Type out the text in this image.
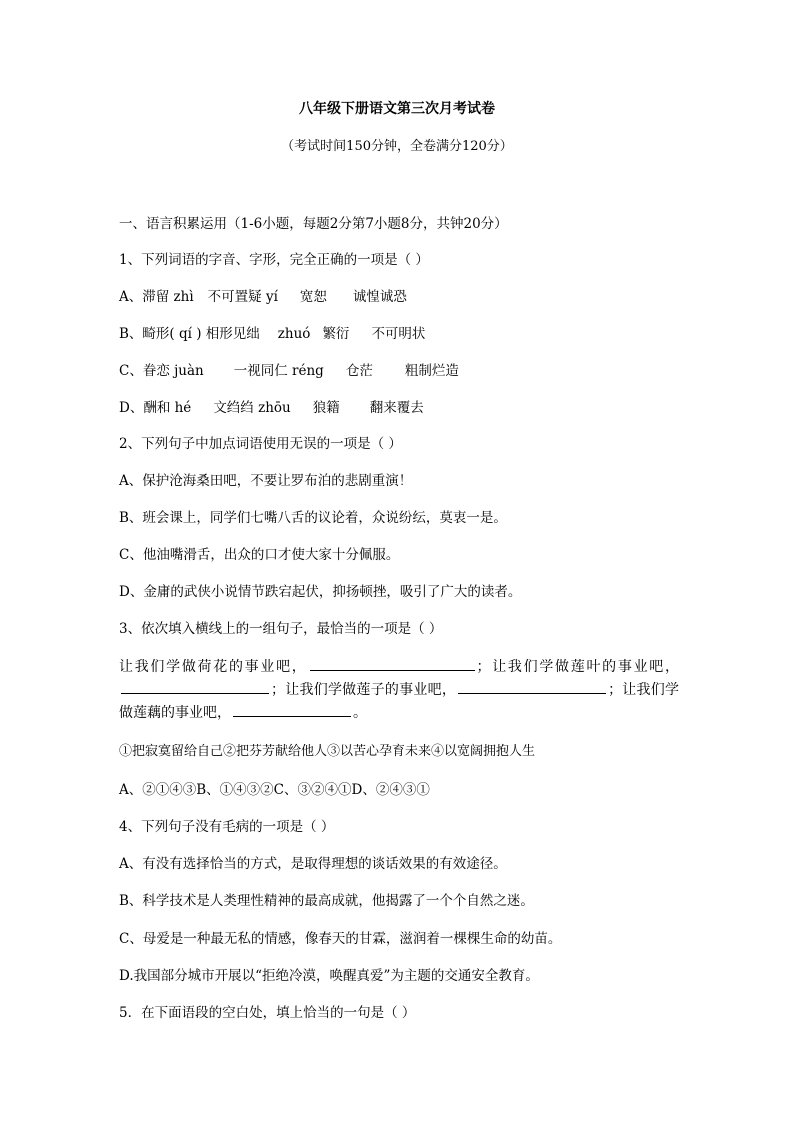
八年级下册语文第三次月考试卷
（考试时间150分钟，全卷满分120分）
一、语言积累运用（1-6小题，每题2分第7小题8分，共钟20分）
1、下列词语的字音、字形，完全正确的一项是（ ）
A、滞留 zhì 不可置疑 yí 宽恕 诚惶诚恐
B、畸形( qí ) 相形见绌 zhuó 繁衍 不可明状
C、眷恋 juàn 一视同仁 réng 仓茫 粗制烂造
D、酬和 hé 文绉绉 zhōu 狼籍 翻来覆去
2、下列句子中加点词语使用无误的一项是（ ）
A、保护沧海桑田吧，不要让罗布泊的悲剧重演！
B、班会课上，同学们七嘴八舌的议论着，众说纷纭，莫衷一是。
C、他油嘴滑舌，出众的口才使大家十分佩服。
D、金庸的武侠小说情节跌宕起伏，抑扬顿挫，吸引了广大的读者。
3、依次填入横线上的一组句子，最恰当的一项是（ ）
让我们学做荷花的事业吧，	；让我们学做莲叶的事业吧，；让我们学做莲子的事业吧，	；让我们学做莲藕的事业吧，	。
①把寂寞留给自己②把芬芳献给他人③以苦心孕育未来④以宽阔拥抱人生
A、②①④③B、①④③②C、③②④①D、②④③①
4、下列句子没有毛病的一项是（ ）
A、有没有选择恰当的方式，是取得理想的谈话效果的有效途径。
B、科学技术是人类理性精神的最高成就，他揭露了一个个自然之迷。
C、母爱是一种最无私的情感，像春天的甘霖，滋润着一棵棵生命的幼苗。
D.我国部分城市开展以“拒绝冷漠，唤醒真爱”为主题的交通安全教育。
5．在下面语段的空白处，填上恰当的一句是（ ）
